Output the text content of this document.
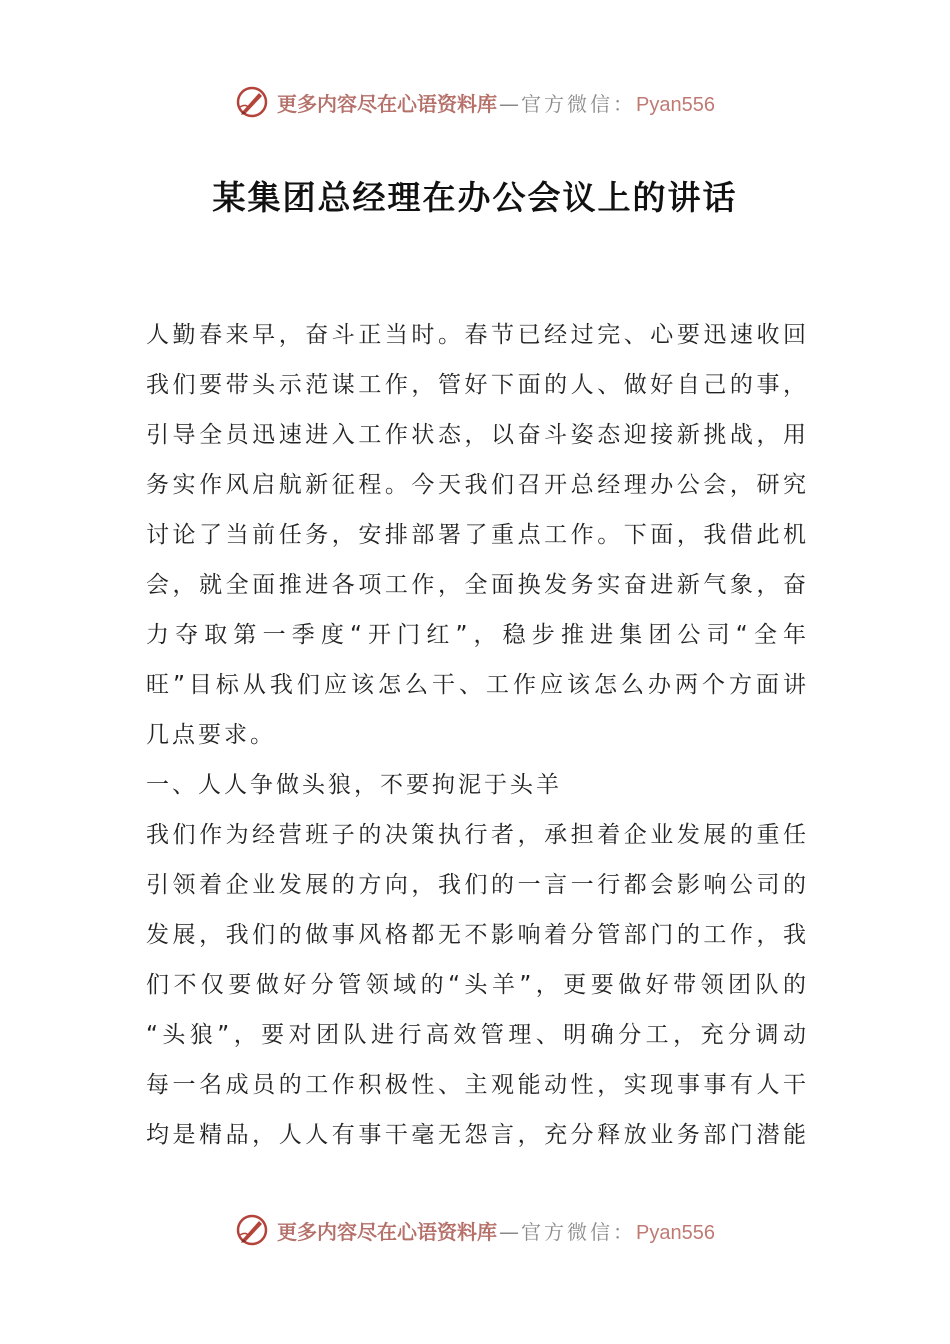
更多内容尽在心语资料库 — 官方微信： Pyan556
某集团总经理在办公会议上的讲话
人勤春来早，奋斗正当时。春节已经过完、心要迅速收回
我们要带头示范谋工作，管好下面的人、做好自己的事，
引导全员迅速进入工作状态，以奋斗姿态迎接新挑战，用
务实作风启航新征程。今天我们召开总经理办公会，研究
讨论了当前任务，安排部署了重点工作。下面，我借此机
会，就全面推进各项工作，全面换发务实奋进新气象，奋
力夺取第一季度“开门红”，稳步推进集团公司“全年
旺”目标从我们应该怎么干、工作应该怎么办两个方面讲
几点要求。
一、人人争做头狼，不要拘泥于头羊
我们作为经营班子的决策执行者，承担着企业发展的重任
引领着企业发展的方向，我们的一言一行都会影响公司的
发展，我们的做事风格都无不影响着分管部门的工作，我
们不仅要做好分管领域的“头羊”，更要做好带领团队的
“头狼”，要对团队进行高效管理、明确分工，充分调动
每一名成员的工作积极性、主观能动性，实现事事有人干
均是精品，人人有事干毫无怨言，充分释放业务部门潜能
更多内容尽在心语资料库 — 官方微信： Pyan556
